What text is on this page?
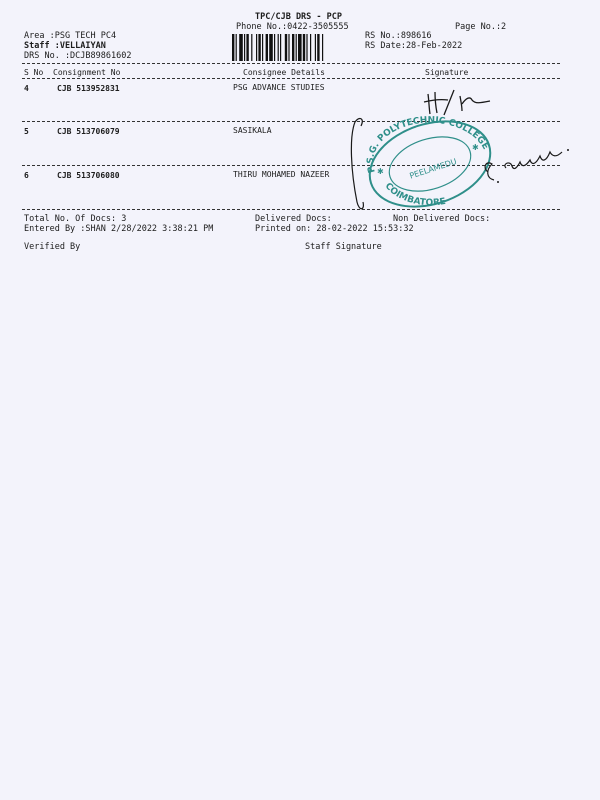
TPC/CJB DRS - PCP
Phone No.:0422-3505555	Page No.:2
Area :PSG TECH PC4
Staff :VELLAIYAN
DRS No. :DCJB89861602
RS No.:898616
RS Date:28-Feb-2022
S No Consignment No	Consignee Details	Signature
4	CJB 513952831	PSG ADVANCE STUDIES
5	CJB 513706079	SASIKALA
6	CJB 513706080	THIRU MOHAMED NAZEER	P.S.G. POLYTECHNIC COLLEGE
PEELAMEDU
COIMBATORE
✱
✱
Total No. Of Docs: 3	Delivered Docs:	Non Delivered Docs:
Entered By :SHAN 2/28/2022 3:38:21 PM	Printed on: 28-02-2022 15:53:32
Verified By	Staff Signature
